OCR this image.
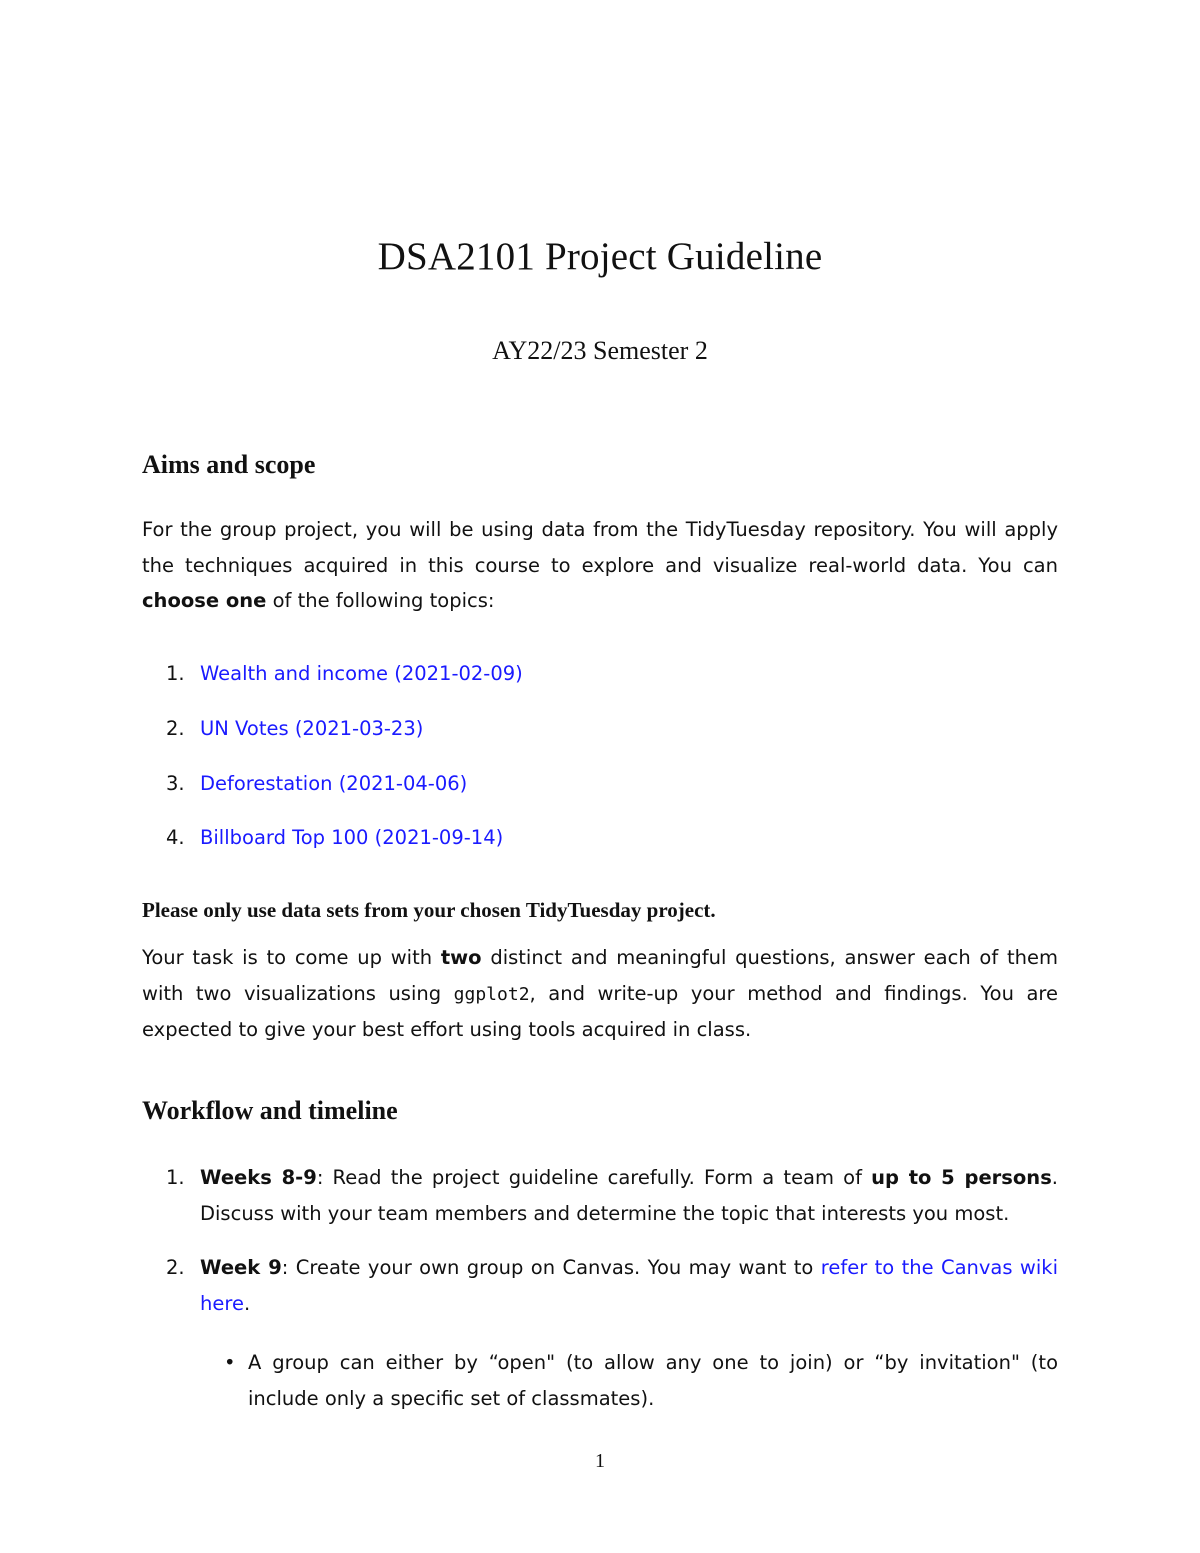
DSA2101 Project Guideline
AY22/23 Semester 2
Aims and scope

For the group project, you will be using data from the TidyTuesday repository. You will apply the techniques acquired in this course to explore and visualize real-world data. You can choose one of the following topics:

1. Wealth and income (2021-02-09)

2. UN Votes (2021-03-23)

3. Deforestation (2021-04-06)

4. Billboard Top 100 (2021-09-14)

Please only use data sets from your chosen TidyTuesday project.

Your task is to come up with two distinct and meaningful questions, answer each of them with two visualizations using ggplot2, and write-up your method and findings. You are expected to give your best effort using tools acquired in class.

Workflow and timeline
1. Weeks 8-9: Read the project guideline carefully. Form a team of up to 5 persons. Discuss with your team members and determine the topic that interests you most.
2. Week 9: Create your own group on Canvas. You may want to refer to the Canvas wiki here.
• A group can either by “open" (to allow any one to join) or “by invitation" (to include only a specific set of classmates).
1
